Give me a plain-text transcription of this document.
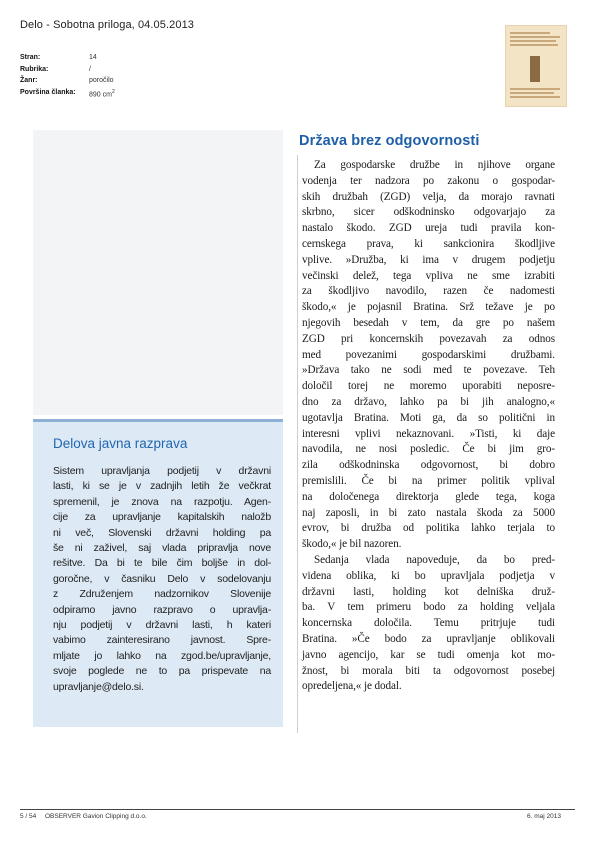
Delo - Sobotna priloga, 04.05.2013
Stran:	14
Rubrika:	/
Žanr:	poročilo
Površina članka:	890 $cm^2$
Delova javna razprava
Sistem upravljanja podjetij v državni
lasti, ki se je v zadnjih letih že večkrat
spremenil, je znova na razpotju. Agen-
cije za upravljanje kapitalskih naložb
ni več, Slovenski državni holding pa
še ni zaživel, saj vlada pripravlja nove
rešitve. Da bi te bile čim boljše in dol-
goročne, v časniku Delo v sodelovanju
z Združenjem nadzornikov Slovenije
odpiramo javno razpravo o upravlja-
nju podjetij v državni lasti, h kateri
vabimo zainteresirano javnost. Spre-
mljate jo lahko na zgod.be/upravljanje,
svoje poglede ne to pa prispevate na
upravljanje@delo.si.
Država brez odgovornosti
Za gospodarske družbe in njihove organe
vodenja ter nadzora po zakonu o gospodar-
skih družbah (ZGD) velja, da morajo ravnati
skrbno, sicer odškodninsko odgovarjajo za
nastalo škodo. ZGD ureja tudi pravila kon-
cernskega prava, ki sankcionira škodljive
vplive. »Družba, ki ima v drugem podjetju
večinski delež, tega vpliva ne sme izrabiti
za škodljivo navodilo, razen če nadomesti
škodo,« je pojasnil Bratina. Srž težave je po
njegovih besedah v tem, da gre po našem
ZGD pri koncernskih povezavah za odnos
med povezanimi gospodarskimi družbami.
»Država tako ne sodi med te povezave. Teh
določil torej ne moremo uporabiti neposre-
dno za državo, lahko pa bi jih analogno,«
ugotavlja Bratina. Moti ga, da so politični in
interesni vplivi nekaznovani. »Tisti, ki daje
navodila, ne nosi posledic. Če bi jim gro-
zila odškodninska odgovornost, bi dobro
premislili. Če bi na primer politik vplival
na določenega direktorja glede tega, koga
naj zaposli, in bi zato nastala škoda za 5000
evrov, bi družba od politika lahko terjala to
škodo,« je bil nazoren.
Sedanja vlada napoveduje, da bo pred-
videna oblika, ki bo upravljala podjetja v
državni lasti, holding kot delniška druž-
ba. V tem primeru bodo za holding veljala
koncernska določila. Temu pritrjuje tudi
Bratina. »Če bodo za upravljanje oblikovali
javno agencijo, kar se tudi omenja kot mo-
žnost, bi morala biti ta odgovornost posebej
opredeljena,« je dodal.
5 / 54 OBSERVER Gavion Clipping d.o.o.	6. maj 2013
